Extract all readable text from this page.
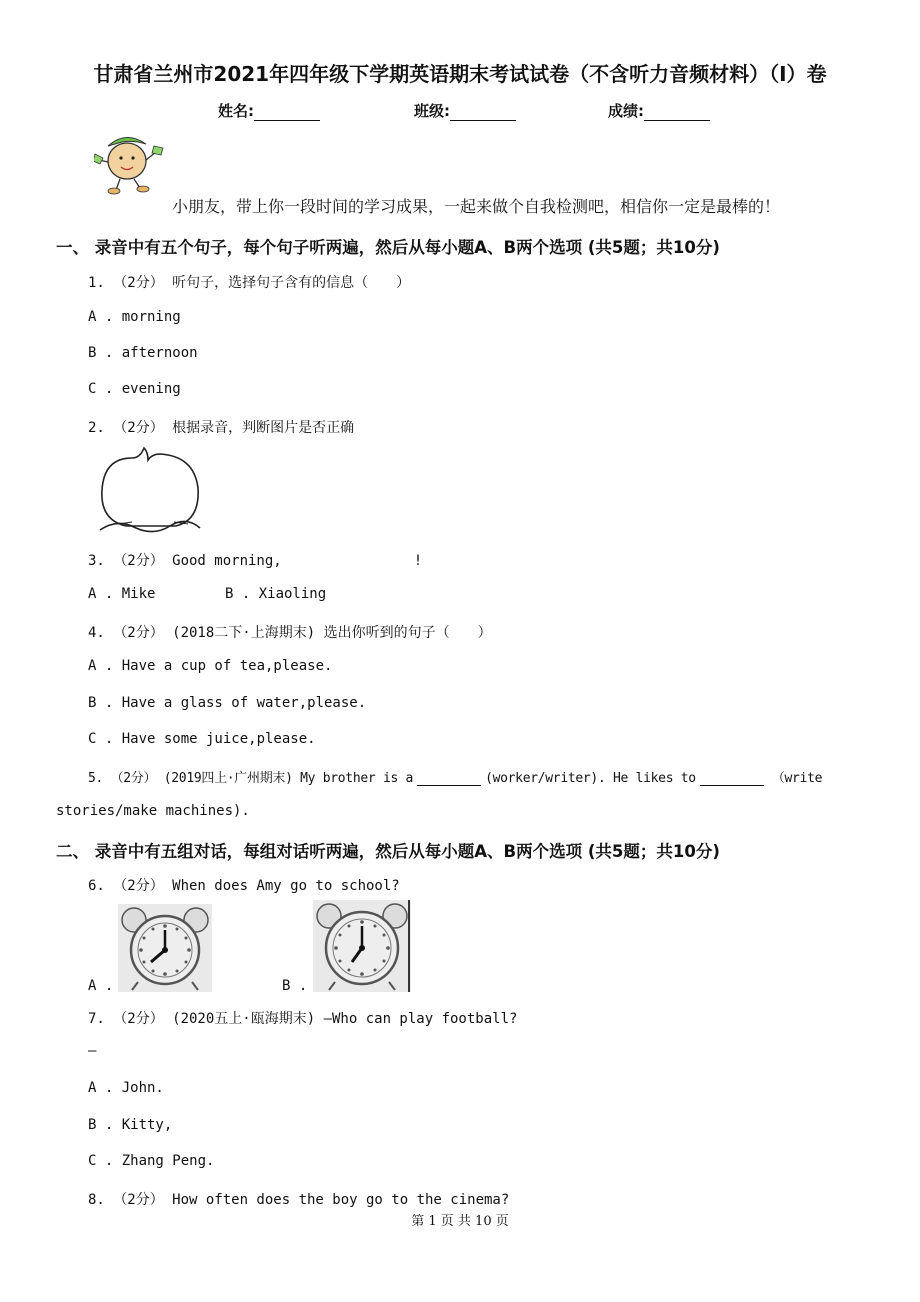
甘肃省兰州市2021年四年级下学期英语期末考试试卷（不含听力音频材料）（I）卷
姓名:	班级:	成绩:
小朋友，带上你一段时间的学习成果，一起来做个自我检测吧，相信你一定是最棒的！
一、 录音中有五个句子，每个句子听两遍，然后从每小题A、B两个选项 (共5题；共10分)
1. （2分） 听句子，选择句子含有的信息（　　）
A . morning
B . afternoon
C . evening
2. （2分） 根据录音，判断图片是否正确
3. （2分） Good morning,	!
A . Mike	B . Xiaoling
4. （2分） (2018二下·上海期末) 选出你听到的句子（　　）
A . Have a cup of tea,please.
B . Have a glass of water,please.
C . Have some juice,please.
5. （2分） (2019四上·广州期末) My brother is a	(worker/writer). He likes to	（write
stories/make machines).
二、 录音中有五组对话，每组对话听两遍，然后从每小题A、B两个选项 (共5题；共10分)
6. （2分） When does Amy go to school?
A .	B .
7. （2分） (2020五上·瓯海期末) —Who can play football?
—
A . John.
B . Kitty,
C . Zhang Peng.
8. （2分） How often does the boy go to the cinema?
第 1 页 共 10 页
